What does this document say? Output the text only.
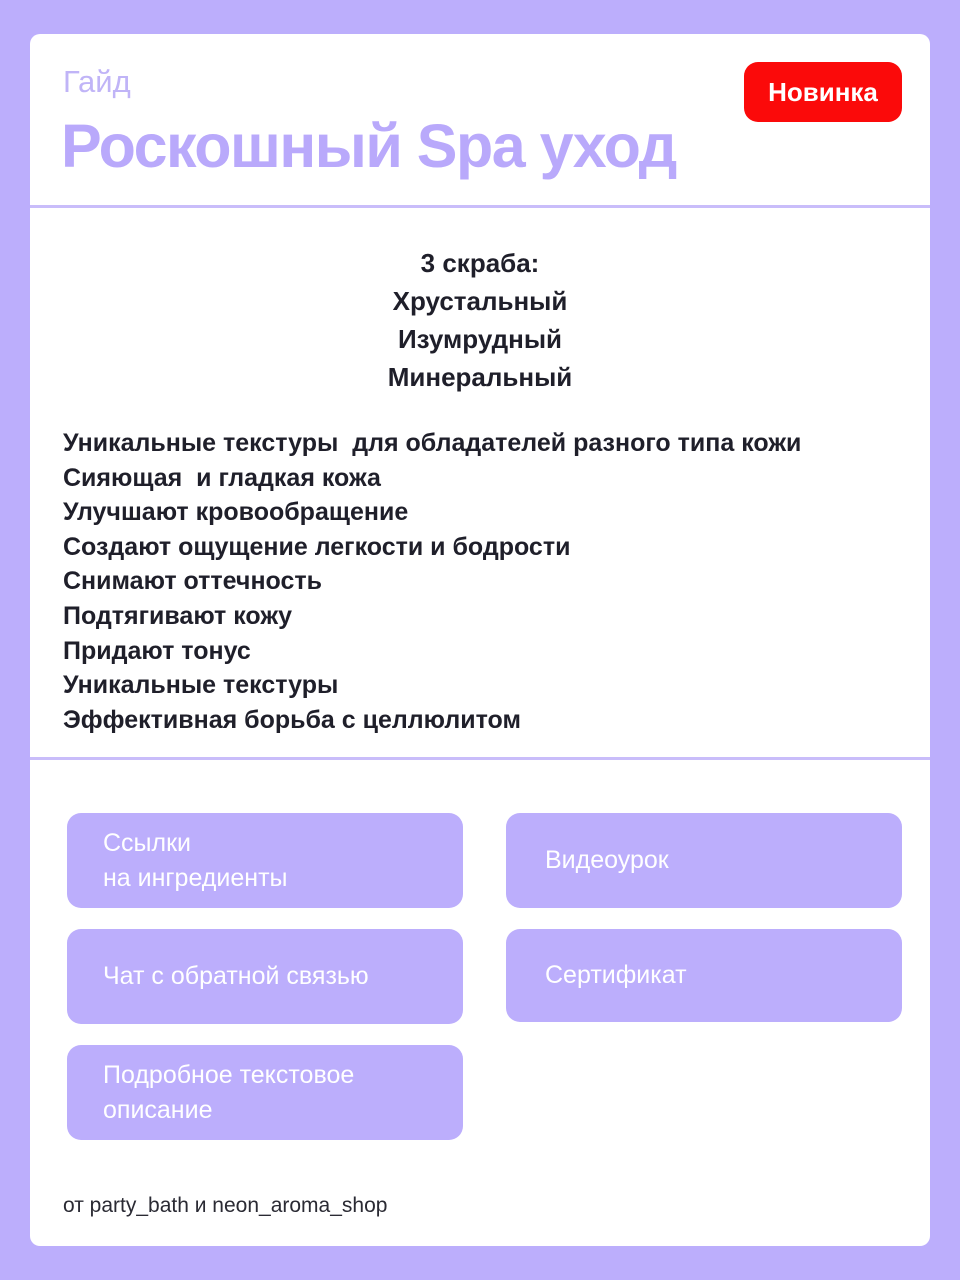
Гайд
Роскошный Spa уход
Новинка
3 скраба:
Хрустальный
Изумрудный
Минеральный
Уникальные текстуры  для обладателей разного типа кожи
Сияющая  и гладкая кожа
Улучшают кровообращение
Создают ощущение легкости и бодрости
Снимают оттечность
Подтягивают кожу
Придают тонус
Уникальные текстуры
Эффективная борьба с целлюлитом
Ссылки
на ингредиенты
Видеоурок
Чат с обратной связью	Сертификат
Подробное текстовое
описание
от party_bath и neon_aroma_shop
